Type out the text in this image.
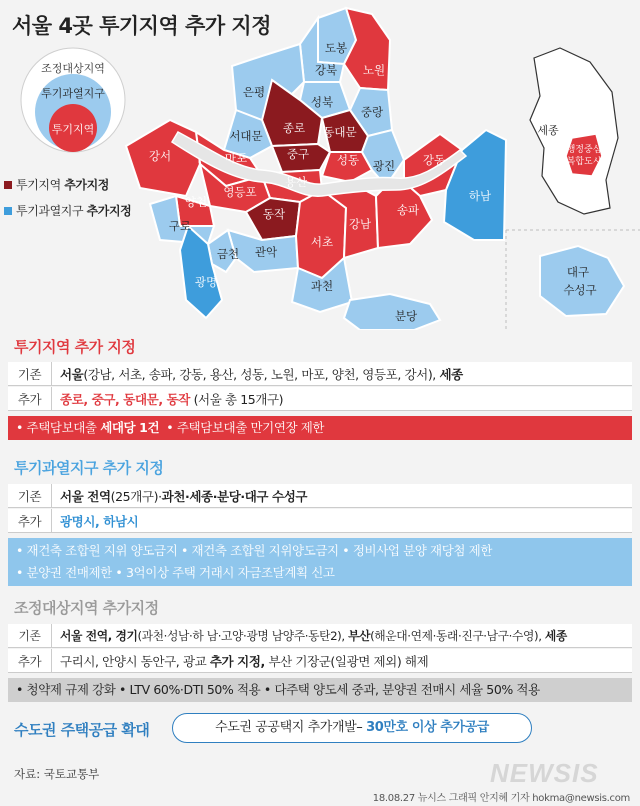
서울 4곳 투기지역 추가 지정
조정대상지역
투기과열지구
투기지역
도봉
강북 노원
은평
성북
중랑
종로
서대문	동대문
강서	마포	중구 성동 광진 강동
영등포
용산
양천
동작
구로
서초
강남
송파
금천 관악
광명	과천
하남
대구
수성구
분당
세종
행정중심
복합도시
투기지역
추가지정
투기과열지구
추가지정
투기지역 추가 지정
기존	서울(강남, 서초, 송파, 강동, 용산, 성동, 노원, 마포, 양천, 영등포, 강서), 세종
추가	종로, 중구, 동대문, 동작 (서울 총 15개구)
• 주택담보대출 세대당 1건 • 주택담보대출 만기연장 제한
투기과열지구 추가 지정
기존	서울 전역(25개구)·과천·세종·분당·대구 수성구
추가	광명시, 하남시
• 재건축 조합원 지위 양도금지 • 재건축 조합원 지위양도금지 • 정비사업 분양 재당첨 제한
• 분양권 전매제한 • 3억이상 주택 거래시 자금조달계획 신고
조정대상지역 추가지정
기존	서울 전역, 경기(과천·성남·하 남·고양·광명 남양주·동탄2), 부산(해운대·연제·동래·진구·남구·수영), 세종
추가	구리시, 안양시 동안구, 광교 추가 지정, 부산 기장군(일광면 제외) 해제
• 청약제 규제 강화 • LTV 60%·DTI 50% 적용 • 다주택 양도세 중과, 분양권 전매시 세율 50% 적용
수도권 주택공급 확대	수도권 공공택지 추가개발– 30만호 이상 추가공급
자료: 국토교통부	NEWSIS
18.08.27 뉴시스 그래픽 안지혜 기자 hokma@newsis.com
